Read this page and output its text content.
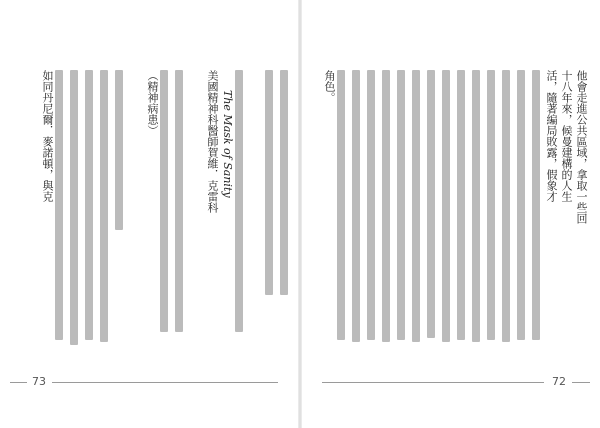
如同丹尼爾．麥諾頓，與克	（精神病患）	美國精神科醫師賀維．克雷科 The Mask of Sanity
73
角色。	活，隨著編局敗露，假象才 十八年來，候曼建構的人生 他會走進公共區域，拿取一些回
72
